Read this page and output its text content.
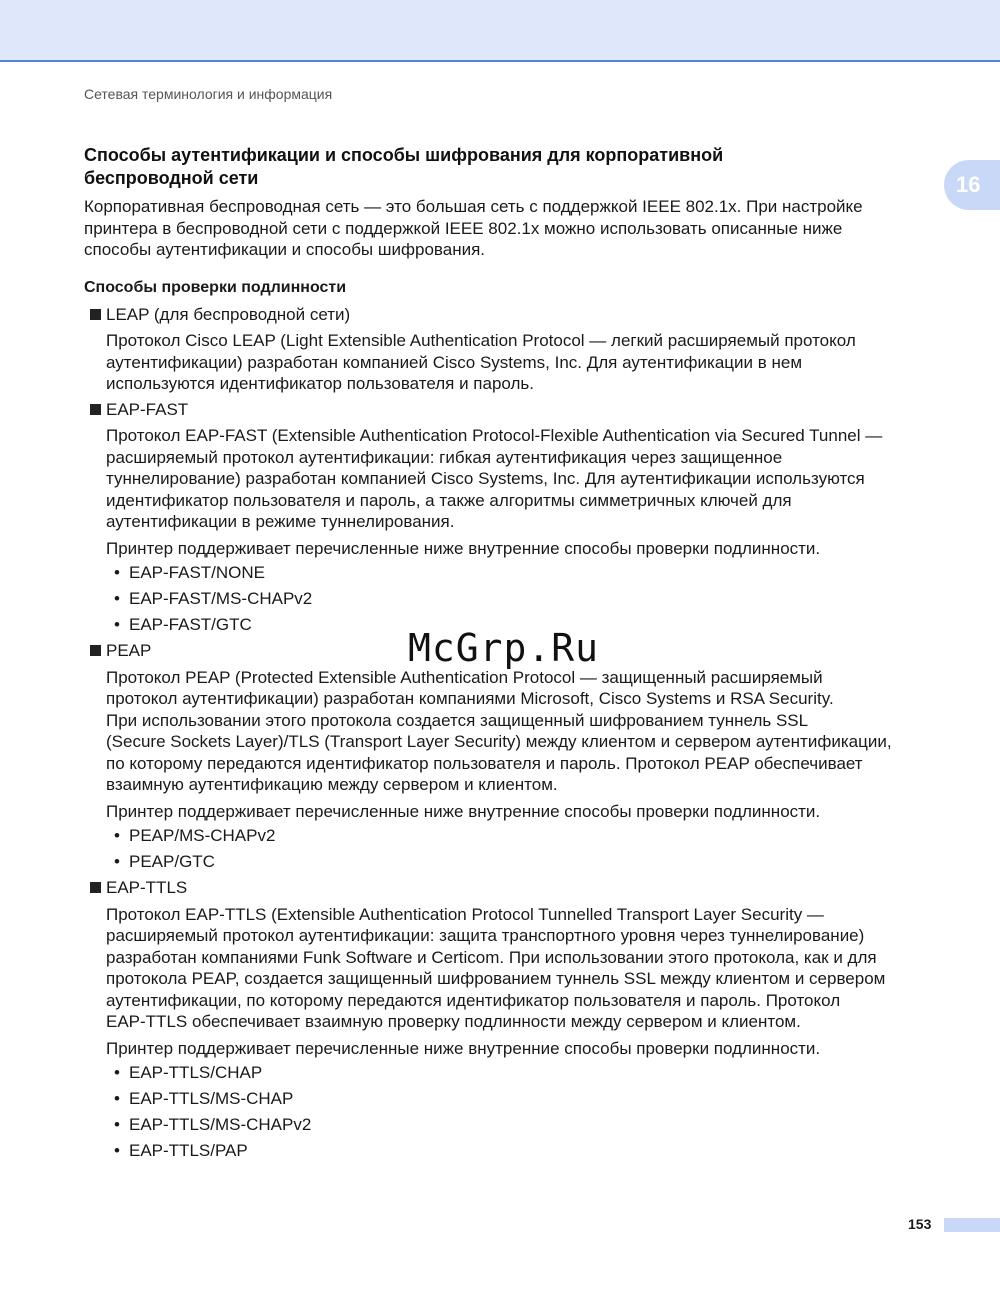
Сетевая терминология и информация
16
Способы аутентификации и способы шифрования для корпоративной
беспроводной сети

Корпоративная беспроводная сеть — это большая сеть с поддержкой IEEE 802.1x. При настройке
принтера в беспроводной сети с поддержкой IEEE 802.1x можно использовать описанные ниже
способы аутентификации и способы шифрования.

Способы проверки подлинности
LEAP (для беспроводной сети)

Протокол Cisco LEAP (Light Extensible Authentication Protocol — легкий расширяемый протокол
аутентификации) разработан компанией Cisco Systems, Inc. Для аутентификации в нем
используются идентификатор пользователя и пароль.

EAP-FAST

Протокол EAP-FAST (Extensible Authentication Protocol-Flexible Authentication via Secured Tunnel —
расширяемый протокол аутентификации: гибкая аутентификация через защищенное
туннелирование) разработан компанией Cisco Systems, Inc. Для аутентификации используются
идентификатор пользователя и пароль, а также алгоритмы симметричных ключей для
аутентификации в режиме туннелирования.

Принтер поддерживает перечисленные ниже внутренние способы проверки подлинности.

• EAP-FAST/NONE
• EAP-FAST/MS-CHAPv2
• EAP-FAST/GTC
PEAP

Протокол PEAP (Protected Extensible Authentication Protocol — защищенный расширяемый
протокол аутентификации) разработан компаниями Microsoft, Cisco Systems и RSA Security.
При использовании этого протокола создается защищенный шифрованием туннель SSL
(Secure Sockets Layer)/TLS (Transport Layer Security) между клиентом и сервером аутентификации,
по которому передаются идентификатор пользователя и пароль. Протокол PEAP обеспечивает
взаимную аутентификацию между сервером и клиентом.

Принтер поддерживает перечисленные ниже внутренние способы проверки подлинности.

• PEAP/MS-CHAPv2
• PEAP/GTC
EAP-TTLS

Протокол EAP-TTLS (Extensible Authentication Protocol Tunnelled Transport Layer Security —
расширяемый протокол аутентификации: защита транспортного уровня через туннелирование)
разработан компаниями Funk Software и Certicom. При использовании этого протокола, как и для
протокола PEAP, создается защищенный шифрованием туннель SSL между клиентом и сервером
аутентификации, по которому передаются идентификатор пользователя и пароль. Протокол
EAP-TTLS обеспечивает взаимную проверку подлинности между сервером и клиентом.

Принтер поддерживает перечисленные ниже внутренние способы проверки подлинности.

• EAP-TTLS/CHAP
• EAP-TTLS/MS-CHAP
• EAP-TTLS/MS-CHAPv2
• EAP-TTLS/PAP
McGrp.Ru
153
